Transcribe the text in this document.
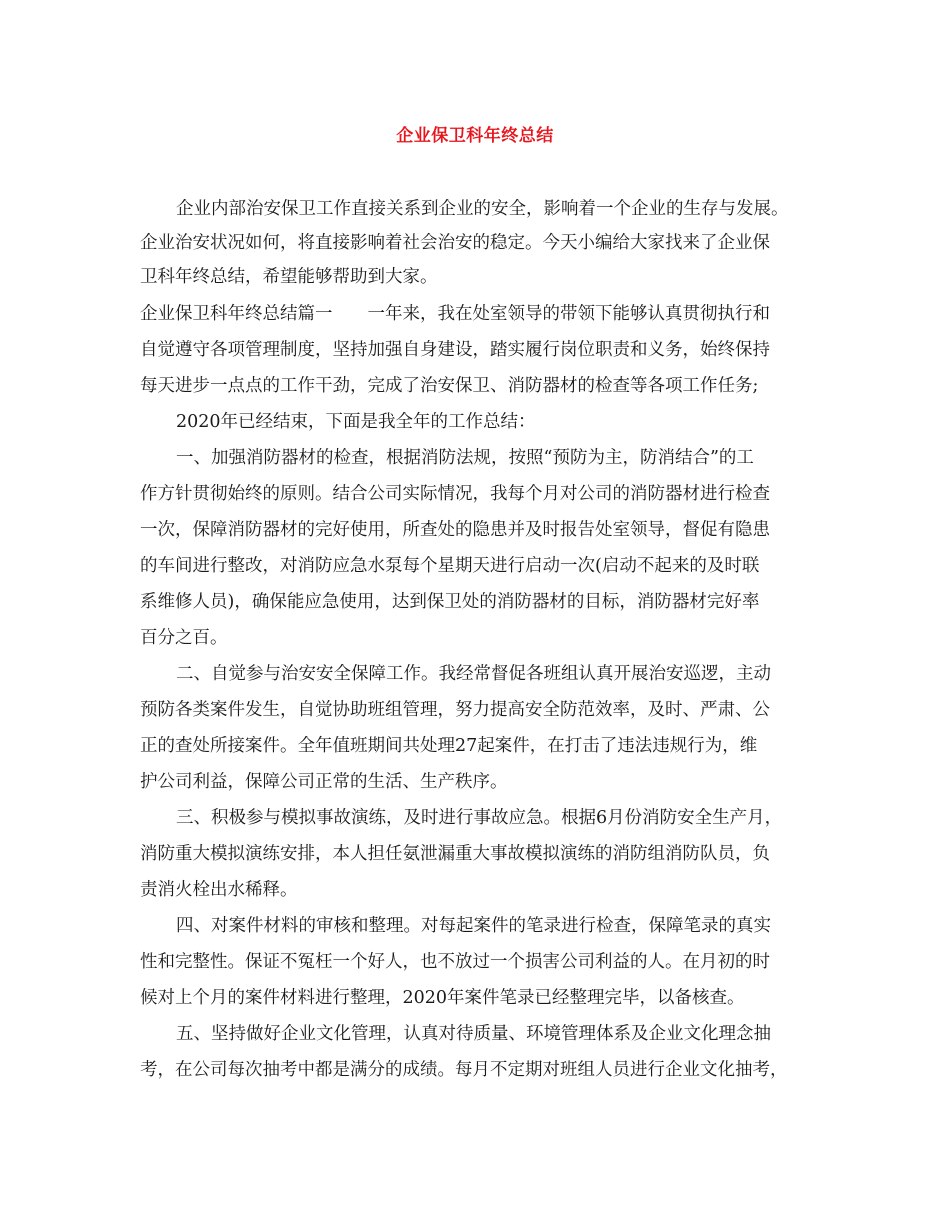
企业保卫科年终总结
企业内部治安保卫工作直接关系到企业的安全，影响着一个企业的生存与发展。
企业治安状况如何，将直接影响着社会治安的稳定。今天小编给大家找来了企业保
卫科年终总结，希望能够帮助到大家。
企业保卫科年终总结篇一　　一年来，我在处室领导的带领下能够认真贯彻执行和
自觉遵守各项管理制度，坚持加强自身建设，踏实履行岗位职责和义务，始终保持
每天进步一点点的工作干劲，完成了治安保卫、消防器材的检查等各项工作任务;
2020年已经结束，下面是我全年的工作总结：
一、加强消防器材的检查，根据消防法规，按照“预防为主，防消结合”的工
作方针贯彻始终的原则。结合公司实际情况，我每个月对公司的消防器材进行检查
一次，保障消防器材的完好使用，所查处的隐患并及时报告处室领导，督促有隐患
的车间进行整改，对消防应急水泵每个星期天进行启动一次(启动不起来的及时联
系维修人员)，确保能应急使用，达到保卫处的消防器材的目标，消防器材完好率
百分之百。
二、自觉参与治安安全保障工作。我经常督促各班组认真开展治安巡逻，主动
预防各类案件发生，自觉协助班组管理，努力提高安全防范效率，及时、严肃、公
正的查处所接案件。全年值班期间共处理27起案件，在打击了违法违规行为，维
护公司利益，保障公司正常的生活、生产秩序。
三、积极参与模拟事故演练，及时进行事故应急。根据6月份消防安全生产月，
消防重大模拟演练安排，本人担任氨泄漏重大事故模拟演练的消防组消防队员，负
责消火栓出水稀释。
四、对案件材料的审核和整理。对每起案件的笔录进行检查，保障笔录的真实
性和完整性。保证不冤枉一个好人，也不放过一个损害公司利益的人。在月初的时
候对上个月的案件材料进行整理，2020年案件笔录已经整理完毕，以备核查。
五、坚持做好企业文化管理，认真对待质量、环境管理体系及企业文化理念抽
考，在公司每次抽考中都是满分的成绩。每月不定期对班组人员进行企业文化抽考，
